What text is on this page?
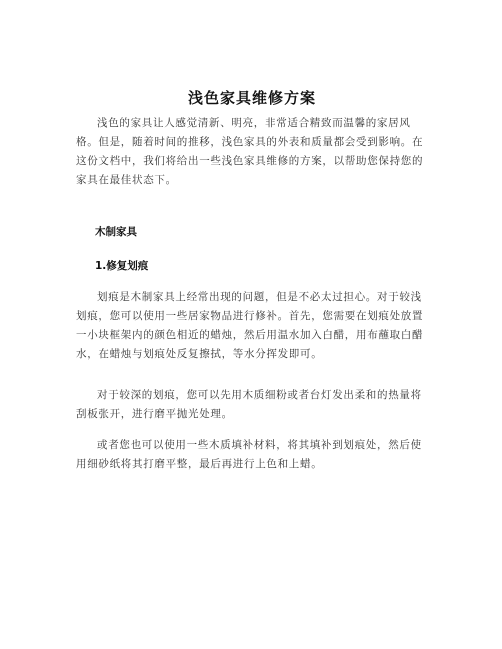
浅色家具维修方案

浅色的家具让人感觉清新、明亮，非常适合精致而温馨的家居风格。但是，随着时间的推移，浅色家具的外表和质量都会受到影响。在这份文档中，我们将给出一些浅色家具维修的方案，以帮助您保持您的家具在最佳状态下。

木制家具

1.修复划痕

划痕是木制家具上经常出现的问题，但是不必太过担心。对于较浅划痕，您可以使用一些居家物品进行修补。首先，您需要在划痕处放置一小块框架内的颜色相近的蜡烛，然后用温水加入白醋，用布蘸取白醋水，在蜡烛与划痕处反复擦拭，等水分挥发即可。

对于较深的划痕，您可以先用木质细粉或者台灯发出柔和的热量将刮板张开，进行磨平抛光处理。

或者您也可以使用一些木质填补材料，将其填补到划痕处，然后使用细砂纸将其打磨平整，最后再进行上色和上蜡。
